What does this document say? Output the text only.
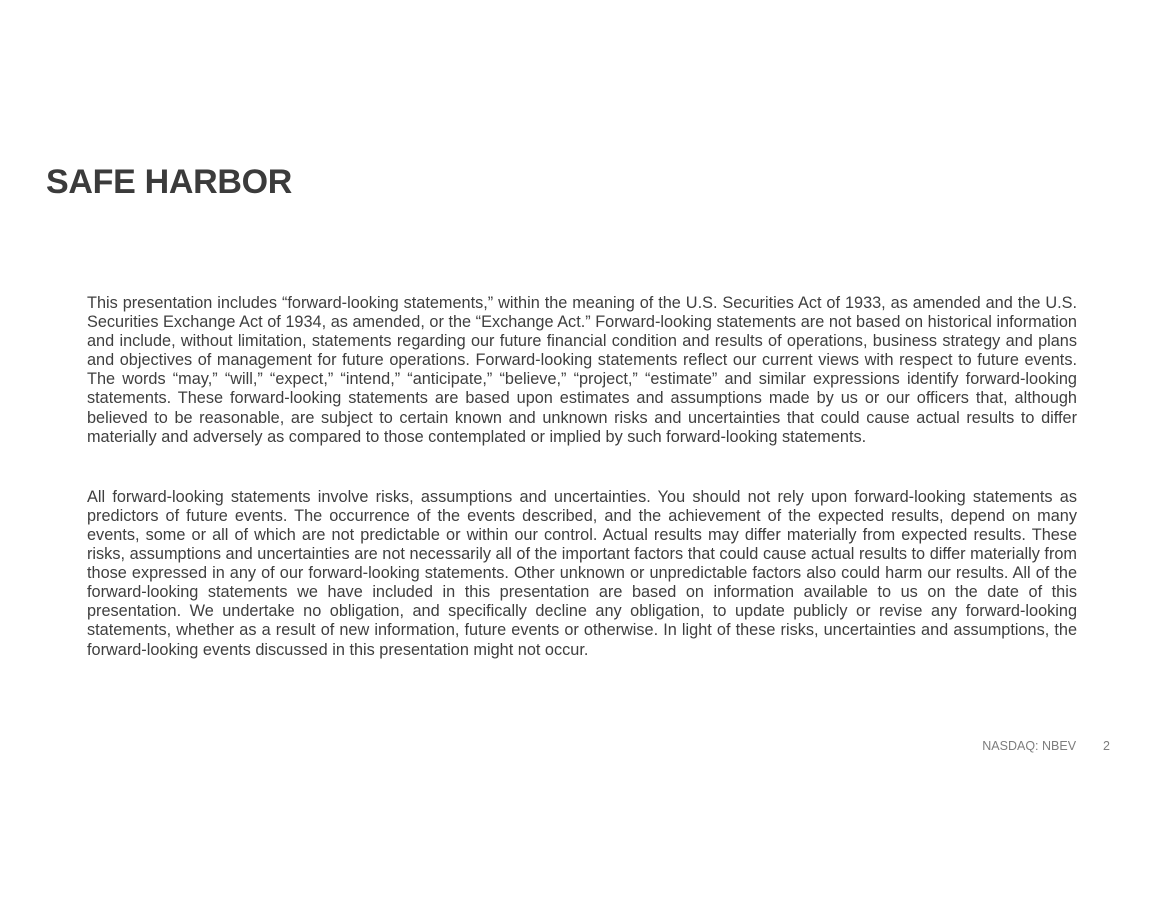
SAFE HARBOR

This presentation includes “forward-looking statements,” within the meaning of the U.S. Securities Act of 1933, as amended and the U.S. Securities Exchange Act of 1934, as amended, or the “Exchange Act.” Forward-looking statements are not based on historical information and include, without limitation, statements regarding our future financial condition and results of operations, business strategy and plans and objectives of management for future operations. Forward-looking statements reflect our current views with respect to future events. The words “may,” “will,” “expect,” “intend,” “anticipate,” “believe,” “project,” “estimate” and similar expressions identify forward-looking statements. These forward-looking statements are based upon estimates and assumptions made by us or our officers that, although believed to be reasonable, are subject to certain known and unknown risks and uncertainties that could cause actual results to differ materially and adversely as compared to those contemplated or implied by such forward-looking statements.

All forward-looking statements involve risks, assumptions and uncertainties. You should not rely upon forward-looking statements as predictors of future events. The occurrence of the events described, and the achievement of the expected results, depend on many events, some or all of which are not predictable or within our control. Actual results may differ materially from expected results. These risks, assumptions and uncertainties are not necessarily all of the important factors that could cause actual results to differ materially from those expressed in any of our forward-looking statements. Other unknown or unpredictable factors also could harm our results. All of the forward-looking statements we have included in this presentation are based on information available to us on the date of this presentation. We undertake no obligation, and specifically decline any obligation, to update publicly or revise any forward-looking statements, whether as a result of new information, future events or otherwise. In light of these risks, uncertainties and assumptions, the forward-looking events discussed in this presentation might not occur.

NASDAQ: NBEV 2
